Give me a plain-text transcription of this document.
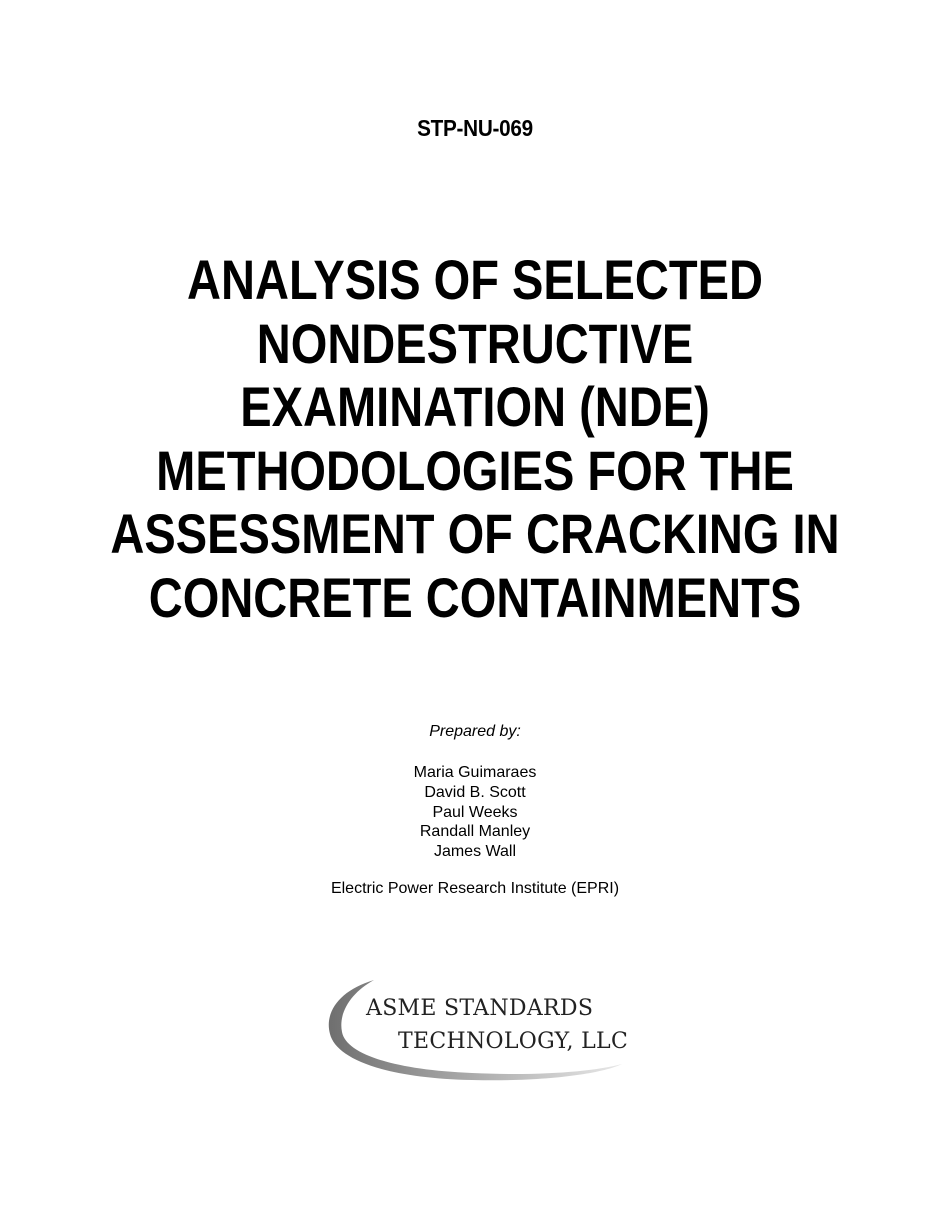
STP-NU-069
ANALYSIS OF SELECTED
NONDESTRUCTIVE
EXAMINATION (NDE)
METHODOLOGIES FOR THE
ASSESSMENT OF CRACKING IN
CONCRETE CONTAINMENTS
Prepared by:
Maria Guimaraes
David B. Scott
Paul Weeks
Randall Manley
James Wall
Electric Power Research Institute (EPRI)
ASME STANDARDS
TECHNOLOGY, LLC
